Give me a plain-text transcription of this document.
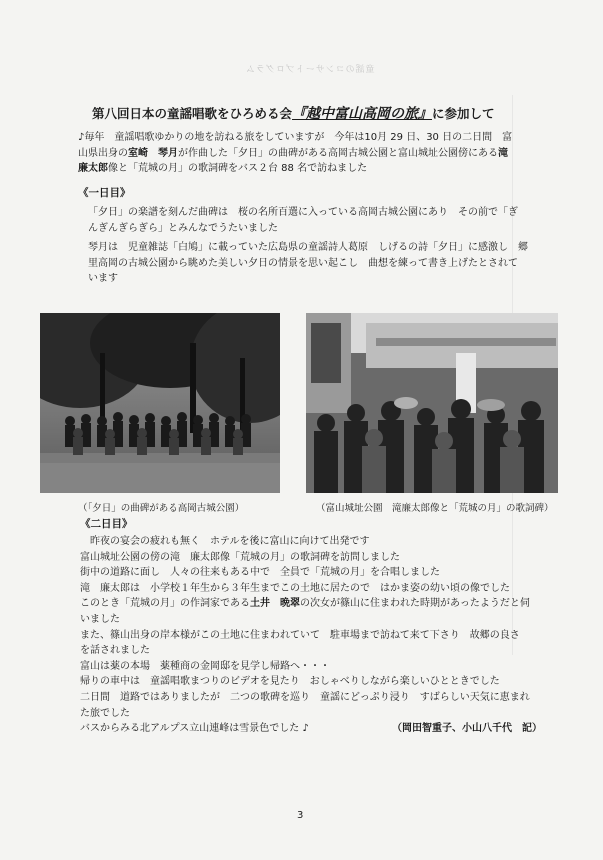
童謡のコンサートプログラム
第八回日本の童謡唱歌をひろめる会『越中富山高岡の旅』に参加して
♪毎年　童謡唱歌ゆかりの地を訪ねる旅をしていますが　今年は10月 29 日、30 日の二日間　富
山県出身の室崎　琴月が作曲した「夕日」の曲碑がある高岡古城公園と富山城址公園傍にある滝
廉太郎像と「荒城の月」の歌詞碑をバス２台 88 名で訪ねました
《一日目》
「夕日」の楽譜を刻んだ曲碑は　桜の名所百選に入っている高岡古城公園にあり　その前で「ぎ
んぎんぎらぎら」とみんなでうたいました
琴月は　児童雑誌「白鳩」に載っていた広島県の童謡詩人葛原　しげるの詩「夕日」に感激し　郷
里高岡の古城公園から眺めた美しい夕日の情景を思い起こし　曲想を練って書き上げたとされて
います
（「夕日」の曲碑がある高岡古城公園）	（富山城址公園　滝廉太郎像と「荒城の月」の歌詞碑）
《二日目》
　昨夜の宴会の疲れも無く　ホテルを後に富山に向けて出発です
富山城址公園の傍の滝　廉太郎像「荒城の月」の歌詞碑を訪問しました
街中の道路に面し　人々の往来もある中で　全員で「荒城の月」を合唱しました
滝　廉太郎は　小学校１年生から３年生までこの土地に居たので　はかま姿の幼い頃の像でした
このとき「荒城の月」の作詞家である土井　晩翠の次女が篠山に住まわれた時期があったようだと伺
いました
また、篠山出身の岸本様がこの土地に住まわれていて　駐車場まで訪ねて来て下さり　故郷の良さ
を話されました
富山は薬の本場　薬種商の金岡邸を見学し帰路へ・・・
帰りの車中は　童謡唱歌まつりのビデオを見たり　おしゃべりしながら楽しいひとときでした
二日間　道路ではありましたが　二つの歌碑を巡り　童謡にどっぷり浸り　すばらしい天気に恵まれ
た旅でした
バスからみる北アルプス立山連峰は雪景色でした ♪	（岡田智重子、小山八千代　記）
3
